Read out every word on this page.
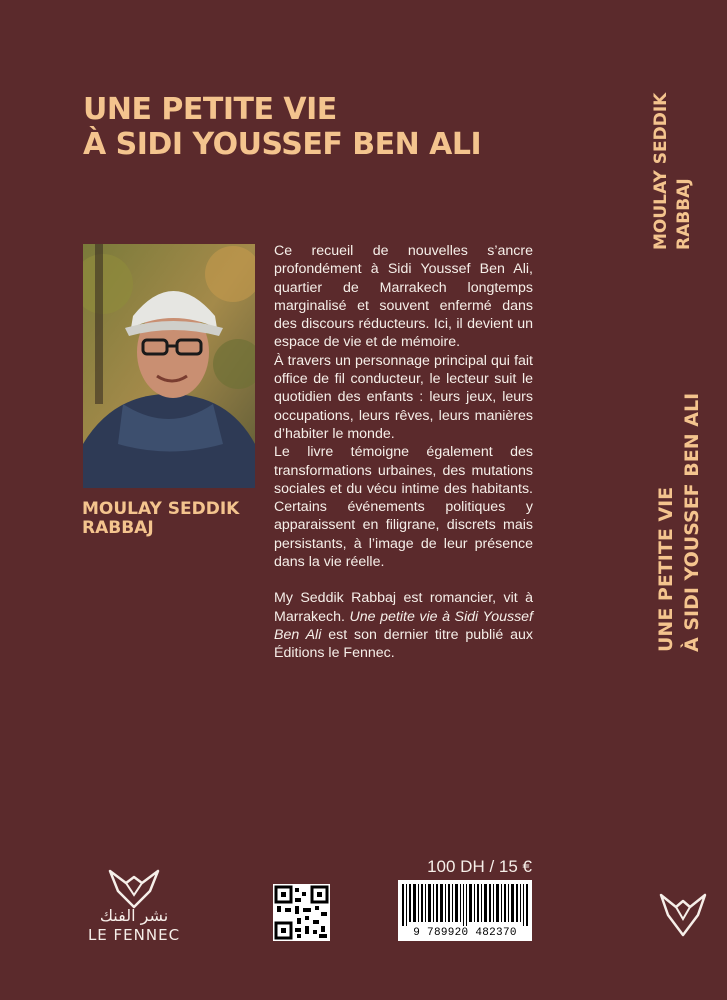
UNE PETITE VIE
À SIDI YOUSSEF BEN ALI
MOULAY SEDDIK
RABBAJ

Ce recueil de nouvelles s’ancre profondément à Sidi Youssef Ben Ali, quartier de Marrakech longtemps marginalisé et souvent enfermé dans des discours réducteurs. Ici, il devient un espace de vie et de mémoire.

À travers un personnage principal qui fait office de fil conducteur, le lecteur suit le quotidien des enfants : leurs jeux, leurs occupations, leurs rêves, leurs manières d’habiter le monde.

Le livre témoigne également des transformations urbaines, des mutations sociales et du vécu intime des habitants. Certains événements politiques y apparaissent en filigrane, discrets mais persistants, à l’image de leur présence dans la vie réelle.

My Seddik Rabbaj est romancier, vit à Marrakech. Une petite vie à Sidi Youssef Ben Ali est son dernier titre publié aux Éditions le Fennec.

MOULAY SEDDIK RABBAJ
UNE PETITE VIE À SIDI YOUSSEF BEN ALI
نشر الفنك
LE FENNEC
100 DH / 15 €
9 789920 482370
